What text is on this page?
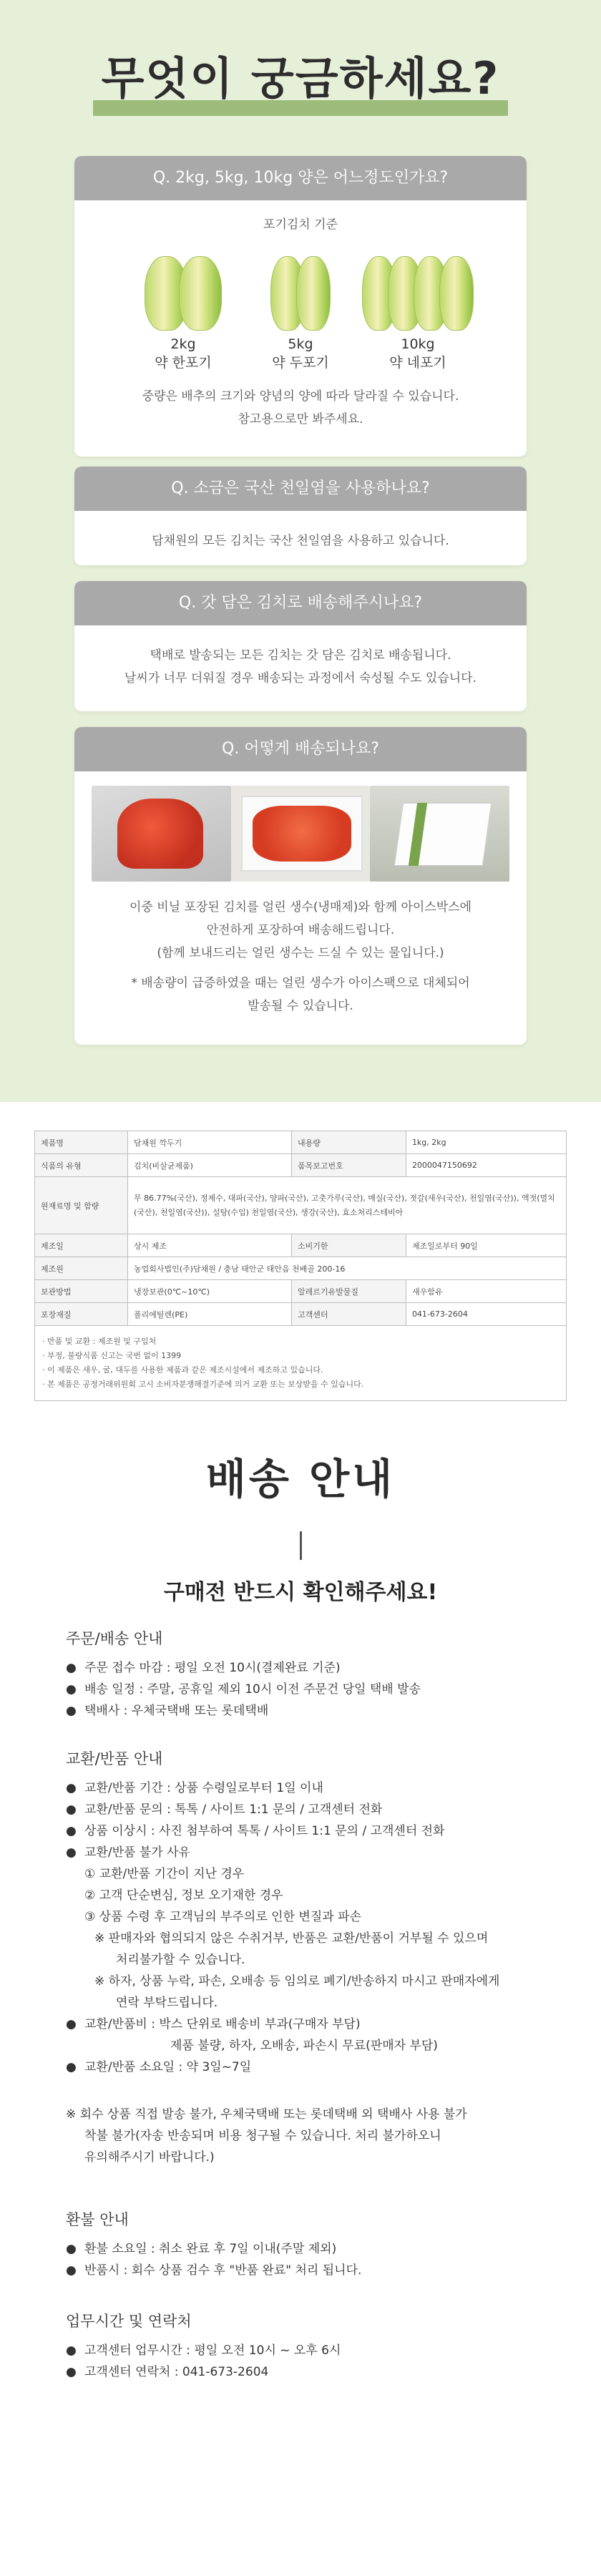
무엇이 궁금하세요?
Q. 2kg, 5kg, 10kg 양은 어느정도인가요?
포기김치 기준
2kg
약 한포기
5kg
약 두포기
10kg
약 네포기
중량은 배추의 크기와 양념의 양에 따라 달라질 수 있습니다.
참고용으로만 봐주세요.
Q. 소금은 국산 천일염을 사용하나요?
담채원의 모든 김치는 국산 천일염을 사용하고 있습니다.
Q. 갓 담은 김치로 배송해주시나요?
택배로 발송되는 모든 김치는 갓 담은 김치로 배송됩니다.
날씨가 너무 더워질 경우 배송되는 과정에서 숙성될 수도 있습니다.
Q. 어떻게 배송되나요?
이중 비닐 포장된 김치를 얼린 생수(냉매제)와 함께 아이스박스에
안전하게 포장하여 배송해드립니다.
(함께 보내드리는 얼린 생수는 드실 수 있는 물입니다.)
* 배송량이 급증하였을 때는 얼린 생수가 아이스팩으로 대체되어
발송될 수 있습니다.
제품명	담채원 깍두기	내용량	1kg, 2kg
식품의 유형	김치(비살균제품)	품목보고번호	2000047150692
원재료명 및 함량	무 86.77%(국산), 정제수, 대파(국산), 양파(국산), 고춧가루(국산), 매실(국산), 젓갈(새우(국산), 천일염(국산)), 액젓(멸치(국산), 천일염(국산)), 설탕(수입) 천일염(국산), 생강(국산), 효소처리스테비아		
제조일	상시 제조	소비기한	제조일로부터 90일
제조원	농업회사법인(주)담채원 / 충남 태안군 태안읍 천배골 200-16		
보관방법	냉장보관(0℃~10℃)	알레르기유발물질	새우함유
포장재질	폴리에틸렌(PE)	고객센터	041-673-2604
· 반품 및 교환 : 제조원 및 구입처
· 부정, 불량식품 신고는 국번 없이 1399
· 이 제품은 새우, 굴, 대두를 사용한 제품과 같은 제조시설에서 제조하고 있습니다.
· 본 제품은 공정거래위원회 고시 소비자분쟁해결기준에 의거 교환 또는 보상받을 수 있습니다.
배송 안내
구매전 반드시 확인해주세요!
주문/배송 안내
● 주문 접수 마감 : 평일 오전 10시(결제완료 기준)
● 배송 일정 : 주말, 공휴일 제외 10시 이전 주문건 당일 택배 발송
● 택배사 : 우체국택배 또는 롯데택배
교환/반품 안내
● 교환/반품 기간 : 상품 수령일로부터 1일 이내
● 교환/반품 문의 : 톡톡 / 사이트 1:1 문의 / 고객센터 전화
● 상품 이상시 : 사진 첨부하여 톡톡 / 사이트 1:1 문의 / 고객센터 전화
● 교환/반품 불가 사유
① 교환/반품 기간이 지난 경우
② 고객 단순변심, 정보 오기재한 경우
③ 상품 수령 후 고객님의 부주의로 인한 변질과 파손
※ 판매자와 협의되지 않은 수취거부, 반품은 교환/반품이 거부될 수 있으며
처리불가할 수 있습니다.
※ 하자, 상품 누락, 파손, 오배송 등 임의로 폐기/반송하지 마시고 판매자에게
연락 부탁드립니다.
● 교환/반품비 : 박스 단위로 배송비 부과(구매자 부담)
제품 불량, 하자, 오배송, 파손시 무료(판매자 부담)
● 교환/반품 소요일 : 약 3일~7일
※ 회수 상품 직접 발송 불가, 우체국택배 또는 롯데택배 외 택배사 사용 불가
착불 불가(자송 반송되며 비용 청구될 수 있습니다. 처리 불가하오니
유의해주시기 바랍니다.)
환불 안내
● 환불 소요일 : 취소 완료 후 7일 이내(주말 제외)
● 반품시 : 회수 상품 검수 후 "반품 완료" 처리 됩니다.
업무시간 및 연락처
● 고객센터 업무시간 : 평일 오전 10시 ~ 오후 6시
● 고객센터 연락처 : 041-673-2604
